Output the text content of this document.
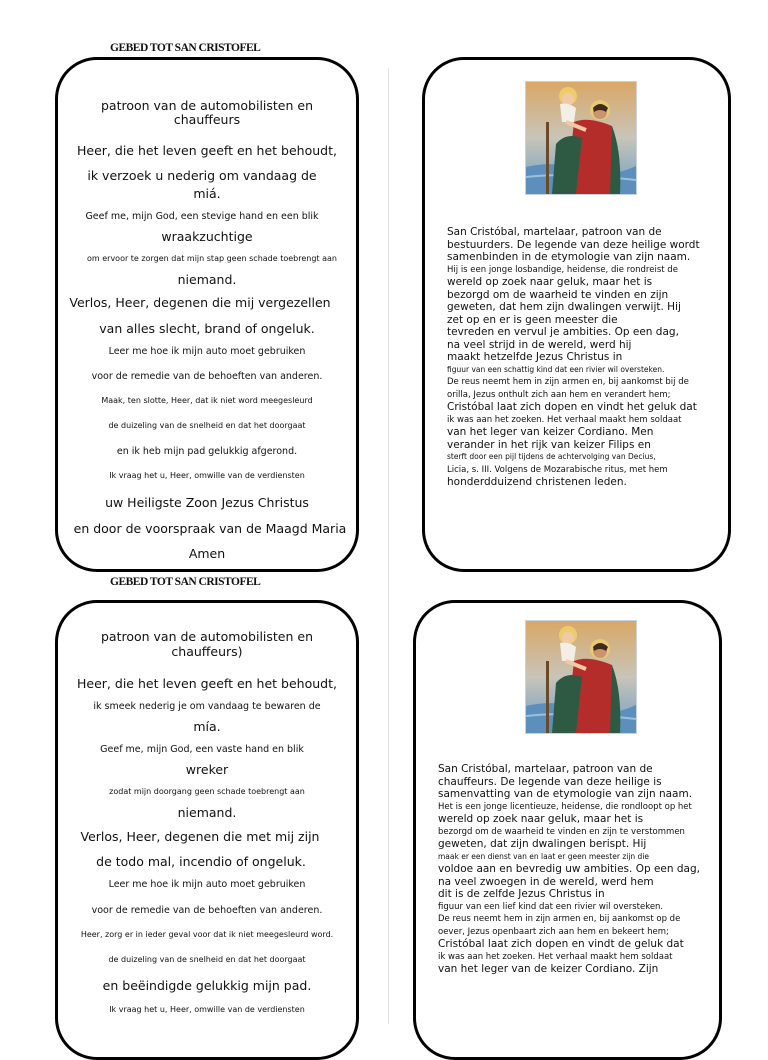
GEBED TOT SAN CRISTOFEL

patroon van de automobilisten en

chauffeurs

Heer, die het leven geeft en het behoudt,

ik verzoek u nederig om vandaag de

miá.

Geef me, mijn God, een stevige hand en een blik

wraakzuchtige

om ervoor te zorgen dat mijn stap geen schade toebrengt aan

niemand.

Verlos, Heer, degenen die mij vergezellen

van alles slecht, brand of ongeluk.

Leer me hoe ik mijn auto moet gebruiken

voor de remedie van de behoeften van anderen.

Maak, ten slotte, Heer, dat ik niet word meegesleurd

de duizeling van de snelheid en dat het doorgaat

en ik heb mijn pad gelukkig afgerond.

Ik vraag het u, Heer, omwille van de verdiensten

uw Heiligste Zoon Jezus Christus

en door de voorspraak van de Maagd Maria

Amen

San Cristóbal, martelaar, patroon van de
bestuurders. De legende van deze heilige wordt
samenbinden in de etymologie van zijn naam.
Hij is een jonge losbandige, heidense, die rondreist de
wereld op zoek naar geluk, maar het is
bezorgd om de waarheid te vinden en zijn
geweten, dat hem zijn dwalingen verwijt. Hij
zet op en er is geen meester die
tevreden en vervul je ambities. Op een dag,
na veel strijd in de wereld, werd hij
maakt hetzelfde Jezus Christus in
figuur van een schattig kind dat een rivier wil oversteken.
De reus neemt hem in zijn armen en, bij aankomst bij de
orilla, Jezus onthult zich aan hem en verandert hem;
Cristóbal laat zich dopen en vindt het geluk dat
ik was aan het zoeken. Het verhaal maakt hem soldaat
van het leger van keizer Cordiano. Men
verander in het rijk van keizer Filips en
sterft door een pijl tijdens de achtervolging van Decius,
Licia, s. III. Volgens de Mozarabische ritus, met hem
honderdduizend christenen leden.
GEBED TOT SAN CRISTOFEL

patroon van de automobilisten en

chauffeurs)

Heer, die het leven geeft en het behoudt,

ik smeek nederig je om vandaag te bewaren de

mía.

Geef me, mijn God, een vaste hand en blik

wreker

zodat mijn doorgang geen schade toebrengt aan

niemand.

Verlos, Heer, degenen die met mij zijn

de todo mal, incendio of ongeluk.

Leer me hoe ik mijn auto moet gebruiken

voor de remedie van de behoeften van anderen.

Heer, zorg er in ieder geval voor dat ik niet meegesleurd word.

de duizeling van de snelheid en dat het doorgaat

en beëindigde gelukkig mijn pad.

Ik vraag het u, Heer, omwille van de verdiensten

San Cristóbal, martelaar, patroon van de
chauffeurs. De legende van deze heilige is
samenvatting van de etymologie van zijn naam.
Het is een jonge licentieuze, heidense, die rondloopt op het
wereld op zoek naar geluk, maar het is
bezorgd om de waarheid te vinden en zijn te verstommen
geweten, dat zijn dwalingen berispt. Hij
maak er een dienst van en laat er geen meester zijn die
voldoe aan en bevredig uw ambities. Op een dag,
na veel zwoegen in de wereld, werd hem
dit is de zelfde Jezus Christus in
figuur van een lief kind dat een rivier wil oversteken.
De reus neemt hem in zijn armen en, bij aankomst op de
oever, Jezus openbaart zich aan hem en bekeert hem;
Cristóbal laat zich dopen en vindt de geluk dat
ik was aan het zoeken. Het verhaal maakt hem soldaat
van het leger van de keizer Cordiano. Zijn
